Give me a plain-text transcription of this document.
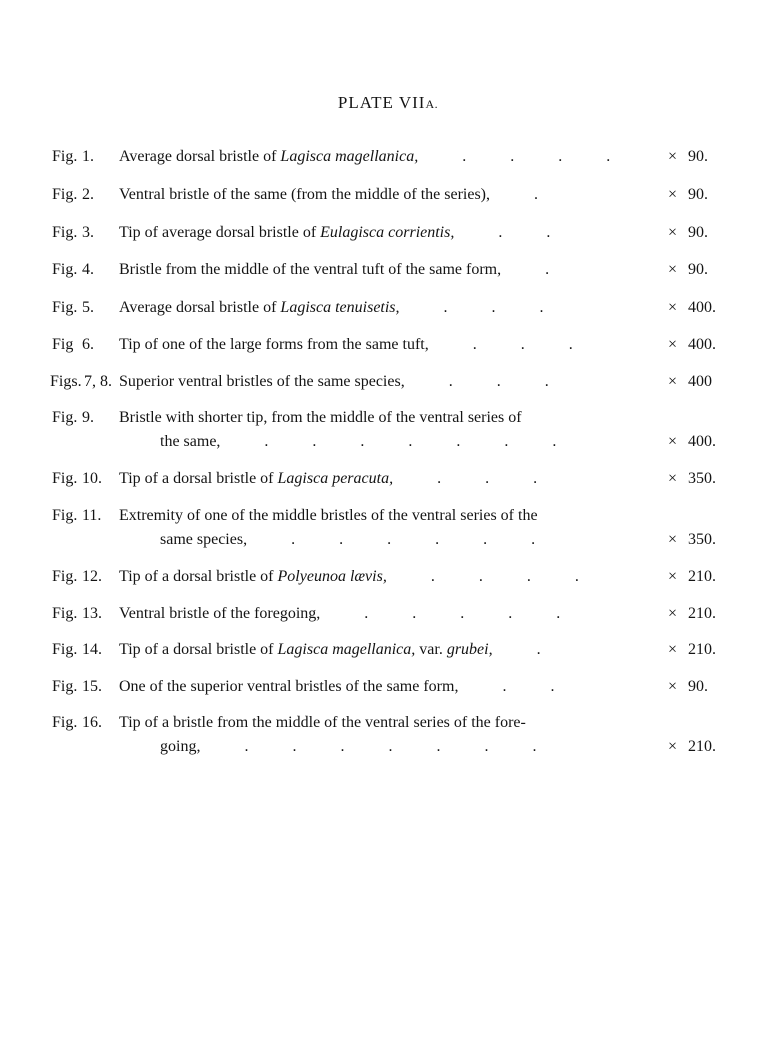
PLATE VIIA.
Fig. 1.	Average dorsal bristle of Lagisca magellanica,	.	.	.	.	× 90.
Fig. 2.	Ventral bristle of the same (from the middle of the series),	.	× 90.
Fig. 3.	Tip of average dorsal bristle of Eulagisca corrientis,	.	.	× 90.
Fig. 4.	Bristle from the middle of the ventral tuft of the same form,	.	× 90.
Fig. 5.	Average dorsal bristle of Lagisca tenuisetis,	.	.	.	× 400.
Fig 6.	Tip of one of the large forms from the same tuft,	.	.	.	× 400.
Figs. 7, 8. Superior ventral bristles of the same species,	.	.	.	× 400
Fig. 9.	Bristle with shorter tip, from the middle of the ventral series of
the same,	.	.	.	.	.	.	.	× 400.
Fig. 10.	Tip of a dorsal bristle of Lagisca peracuta,	.	.	.	× 350.
Fig. 11.	Extremity of one of the middle bristles of the ventral series of the
same species,	.	.	.	.	.	.	× 350.
Fig. 12.	Tip of a dorsal bristle of Polyeunoa lævis,	.	.	.	.	× 210.
Fig. 13.	Ventral bristle of the foregoing,	.	.	.	.	.	× 210.
Fig. 14.	Tip of a dorsal bristle of Lagisca magellanica, var. grubei,	.	× 210.
Fig. 15.	One of the superior ventral bristles of the same form,	.	.	× 90.
Fig. 16.	Tip of a bristle from the middle of the ventral series of the fore-
going,	.	.	.	.	.	.	.	× 210.
